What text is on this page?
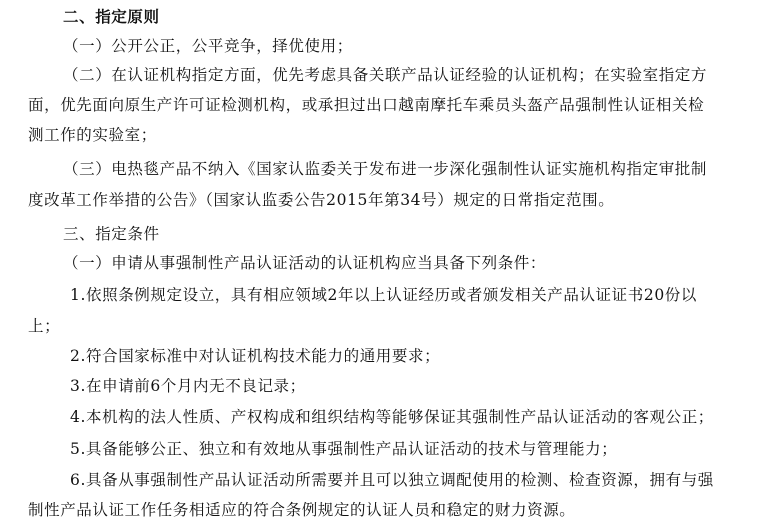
二、指定原则
（一）公开公正，公平竞争，择优使用；
（二）在认证机构指定方面，优先考虑具备关联产品认证经验的认证机构；在实验室指定方
面，优先面向原生产许可证检测机构，或承担过出口越南摩托车乘员头盔产品强制性认证相关检
测工作的实验室；
（三）电热毯产品不纳入《国家认监委关于发布进一步深化强制性认证实施机构指定审批制
度改革工作举措的公告》（国家认监委公告2015年第34号）规定的日常指定范围。
三、指定条件
（一）申请从事强制性产品认证活动的认证机构应当具备下列条件：
1.依照条例规定设立，具有相应领域2年以上认证经历或者颁发相关产品认证证书20份以
上；
2.符合国家标准中对认证机构技术能力的通用要求；
3.在申请前6个月内无不良记录；
4.本机构的法人性质、产权构成和组织结构等能够保证其强制性产品认证活动的客观公正；
5.具备能够公正、独立和有效地从事强制性产品认证活动的技术与管理能力；
6.具备从事强制性产品认证活动所需要并且可以独立调配使用的检测、检查资源，拥有与强
制性产品认证工作任务相适应的符合条例规定的认证人员和稳定的财力资源。
